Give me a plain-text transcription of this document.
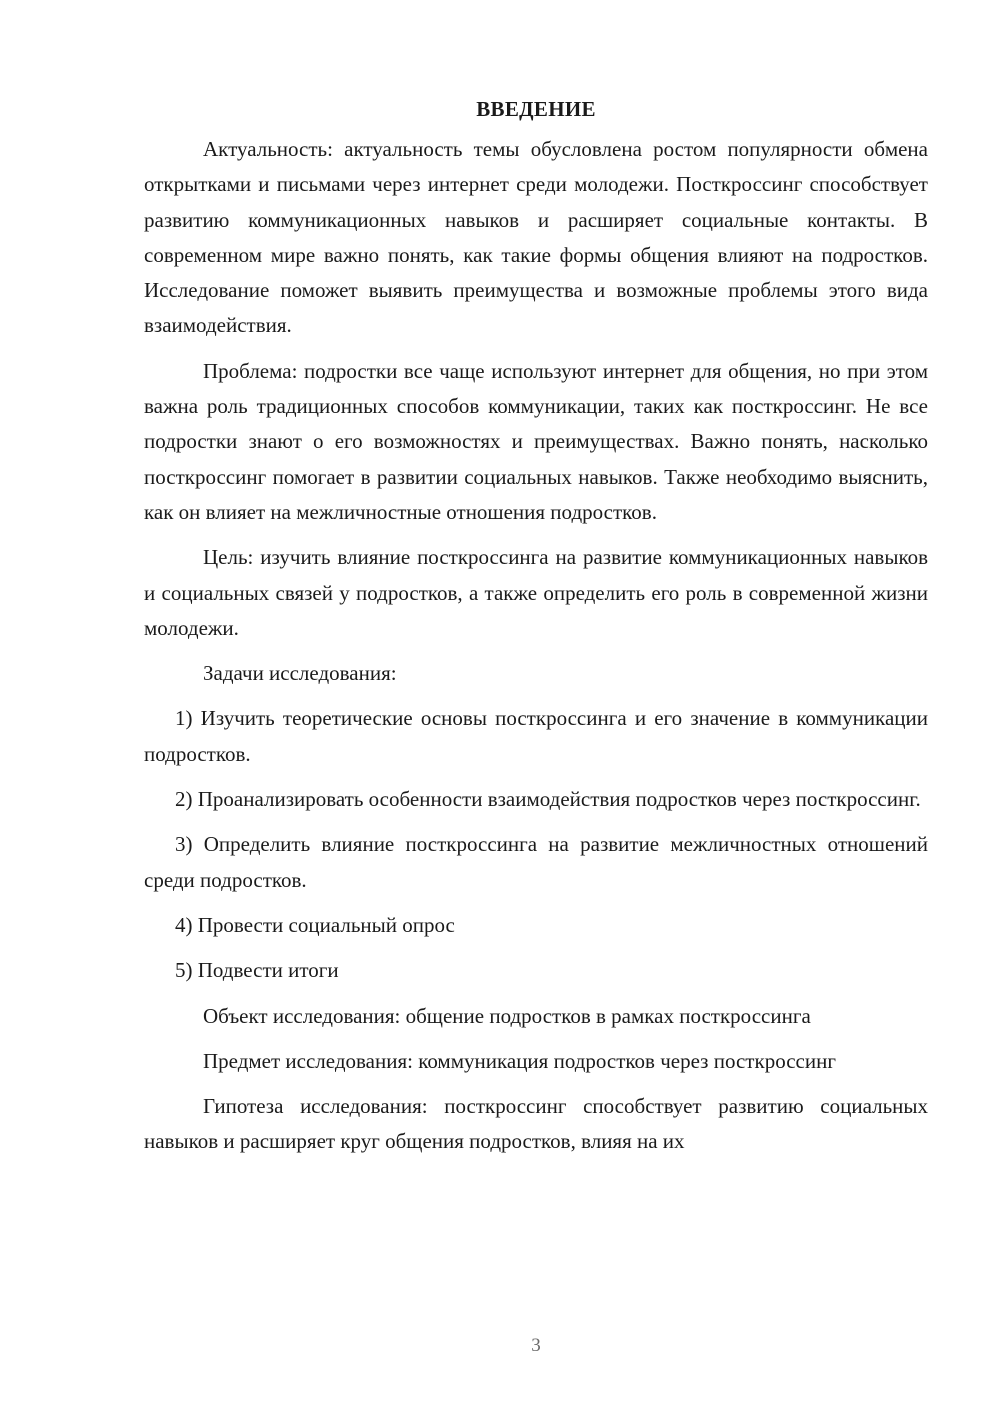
ВВЕДЕНИЕ

Актуальность: актуальность темы обусловлена ростом популярности обмена открытками и письмами через интернет среди молодежи. Посткроссинг способствует развитию коммуникационных навыков и расширяет социальные контакты. В современном мире важно понять, как такие формы общения влияют на подростков. Исследование поможет выявить преимущества и возможные проблемы этого вида взаимодействия.

Проблема: подростки все чаще используют интернет для общения, но при этом важна роль традиционных способов коммуникации, таких как посткроссинг. Не все подростки знают о его возможностях и преимуществах. Важно понять, насколько посткроссинг помогает в развитии социальных навыков. Также необходимо выяснить, как он влияет на межличностные отношения подростков.

Цель: изучить влияние посткроссинга на развитие коммуникационных навыков и социальных связей у подростков, а также определить его роль в современной жизни молодежи.

Задачи исследования:

1) Изучить теоретические основы посткроссинга и его значение в коммуникации подростков.

2) Проанализировать особенности взаимодействия подростков через посткроссинг.

3) Определить влияние посткроссинга на развитие межличностных отношений среди подростков.

4) Провести социальный опрос

5) Подвести итоги

Объект исследования: общение подростков в рамках посткроссинга

Предмет исследования: коммуникация подростков через посткроссинг

Гипотеза исследования: посткроссинг способствует развитию социальных навыков и расширяет круг общения подростков, влияя на их

3
